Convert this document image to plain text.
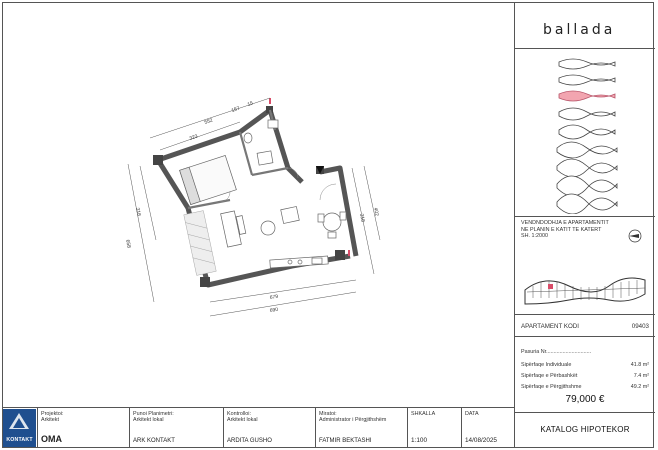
552
323
157
15
318
658
402
318
679
690
ballada
VENDNDODHJA E APARTAMENTIT
NE PLANIN E KATIT TE KATERT
SH. 1:2000
APARTAMENT KODI	09403
Pasuria Nr..............................
Sipërfaqe Individuale	41.8 m²
Sipërfaqe e Përbashkët	7.4 m²
Sipërfaqe e Përgjithshme	49.2 m²
79,000 €
KATALOG HIPOTEKOR
KONTAKT
Projektoi:
Arkitekt
OMA
Punoi Planimetri:
Arkitekt lokal
ARK KONTAKT
Kontrolloi:
Arkitekt lokal
ARDITA GUSHO
Miratoi:
Administrator i Përgjithshëm
FATMIR BEKTASHI
SHKALLA
1:100
DATA
14/08/2025
